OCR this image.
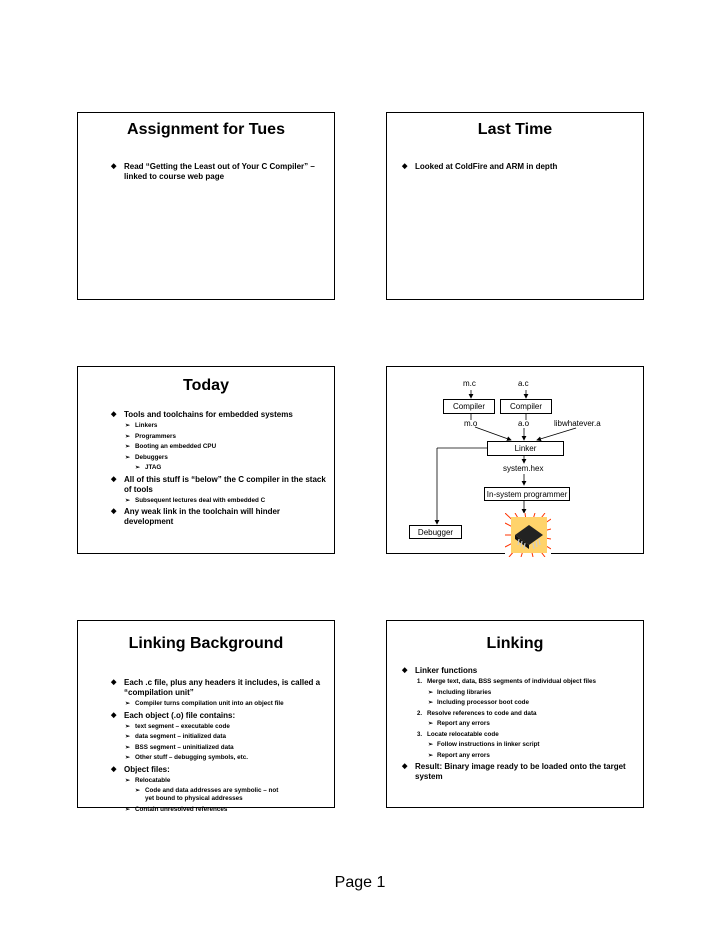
Assignment for Tues
◆ Read “Getting the Least out of Your C Compiler” – linked to course web page
Last Time
◆ Looked at ColdFire and ARM in depth
Today
◆ Tools and toolchains for embedded systems
➢ Linkers
➢ Programmers
➢ Booting an embedded CPU
➢ Debuggers
➢ JTAG
◆ All of this stuff is “below” the C compiler in the stack of tools
➢ Subsequent lectures deal with embedded C
◆ Any weak link in the toolchain will hinder development
m.c	a.c
Compiler	Compiler
m.o	a.o	libwhatever.a
Linker
system.hex
In-system programmer
Debugger
Linking Background
◆ Each .c file, plus any headers it includes, is called a “compilation unit”
➢ Compiler turns compilation unit into an object file
◆ Each object (.o) file contains:
➢ text segment – executable code
➢ data segment – initialized data
➢ BSS segment – uninitialized data
➢ Other stuff – debugging symbols, etc.
◆ Object files:
➢ Relocatable
➢ Code and data addresses are symbolic – not yet bound to physical addresses
➢ Contain unresolved references
Linking
◆ Linker functions
1. Merge text, data, BSS segments of individual object files
➢ Including libraries
➢ Including processor boot code
2. Resolve references to code and data
➢ Report any errors
3. Locate relocatable code
➢ Follow instructions in linker script
➢ Report any errors
◆ Result: Binary image ready to be loaded onto the target system
Page 1
